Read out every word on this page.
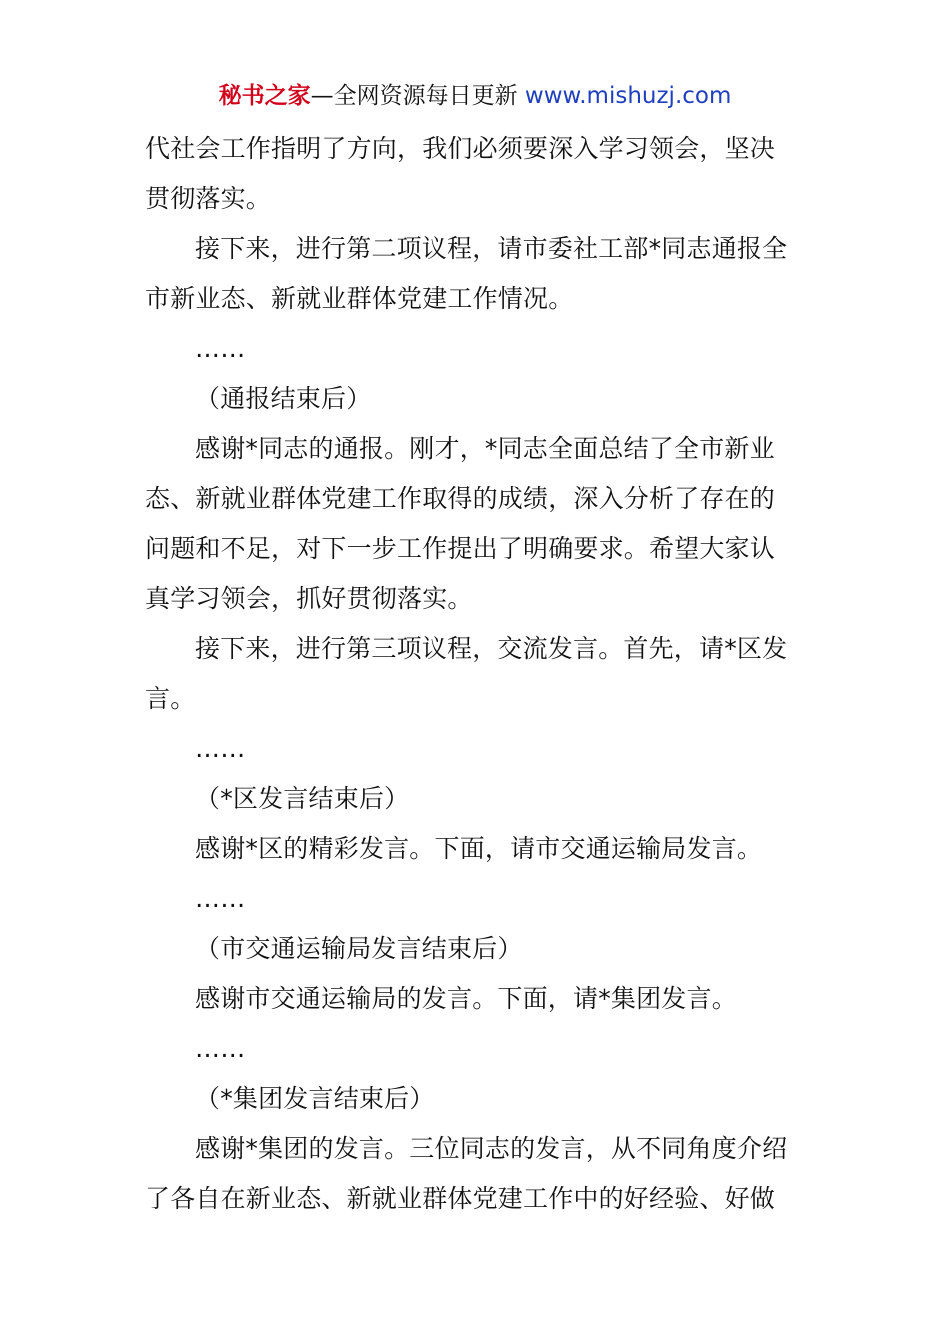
秘书之家—全网资源每日更新 www.mishuzj.com
代社会工作指明了方向，我们必须要深入学习领会，坚决
贯彻落实。
接下来，进行第二项议程，请市委社工部*同志通报全
市新业态、新就业群体党建工作情况。
……
（通报结束后）
感谢*同志的通报。刚才，*同志全面总结了全市新业
态、新就业群体党建工作取得的成绩，深入分析了存在的
问题和不足，对下一步工作提出了明确要求。希望大家认
真学习领会，抓好贯彻落实。
接下来，进行第三项议程，交流发言。首先，请*区发
言。
……
（*区发言结束后）
感谢*区的精彩发言。下面，请市交通运输局发言。
……
（市交通运输局发言结束后）
感谢市交通运输局的发言。下面，请*集团发言。
……
（*集团发言结束后）
感谢*集团的发言。三位同志的发言，从不同角度介绍
了各自在新业态、新就业群体党建工作中的好经验、好做
